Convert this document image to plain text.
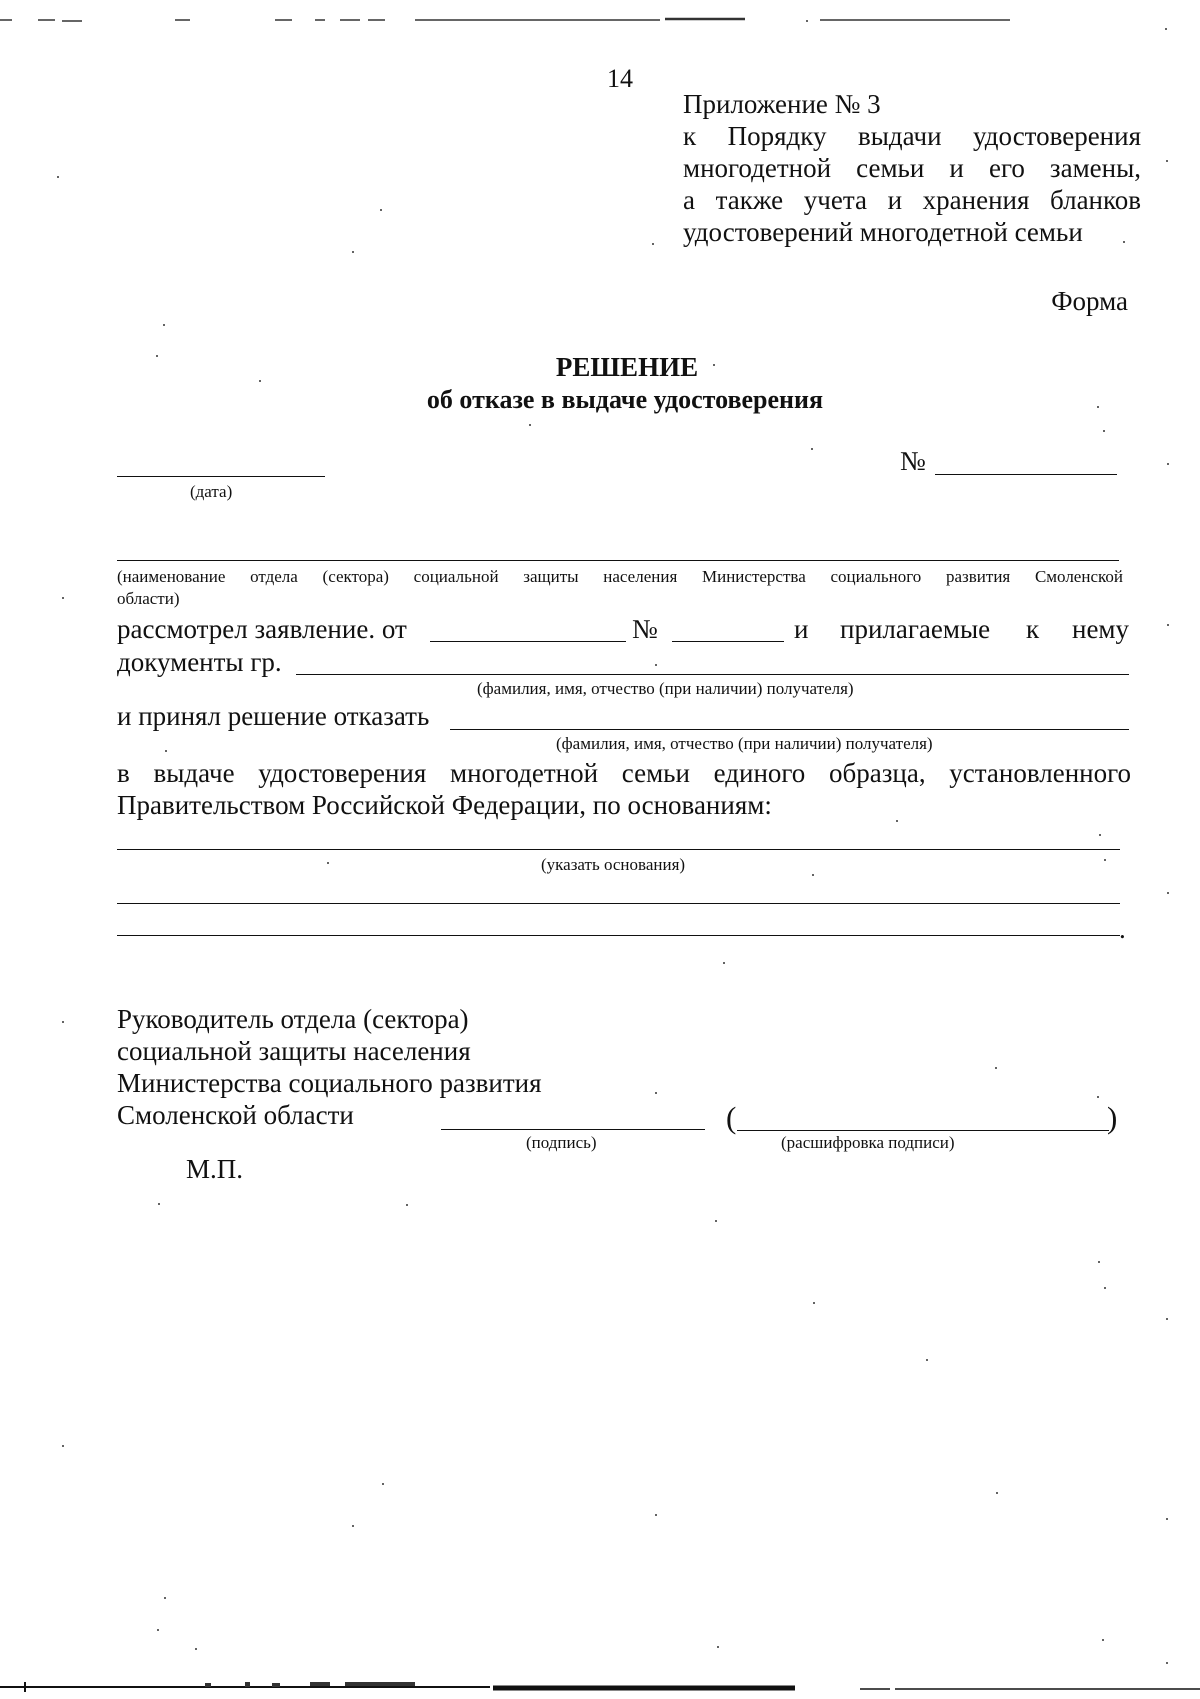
14
Приложение № 3
к Порядку выдачи удостоверения
многодетной семьи и его замены,
а также учета и хранения бланков
удостоверений многодетной семьи
Форма
РЕШЕНИЕ
об отказе в выдаче удостоверения
(дата)
№
(наименование отдела (сектора) социальной защиты населения Министерства социального развития Смоленской
области)
рассмотрел заявление. от	№	и прилагаемые к нему
документы гр.
(фамилия, имя, отчество (при наличии) получателя)
и принял решение отказать
(фамилия, имя, отчество (при наличии) получателя)
в выдаче удостоверения многодетной семьи единого образца, установленного
Правительством Российской Федерации, по основаниям:
(указать основания)
.
Руководитель отдела (сектора)
социальной защиты населения
Министерства социального развития
Смоленской области
(подпись)
(	)
(расшифровка подписи)
М.П.
